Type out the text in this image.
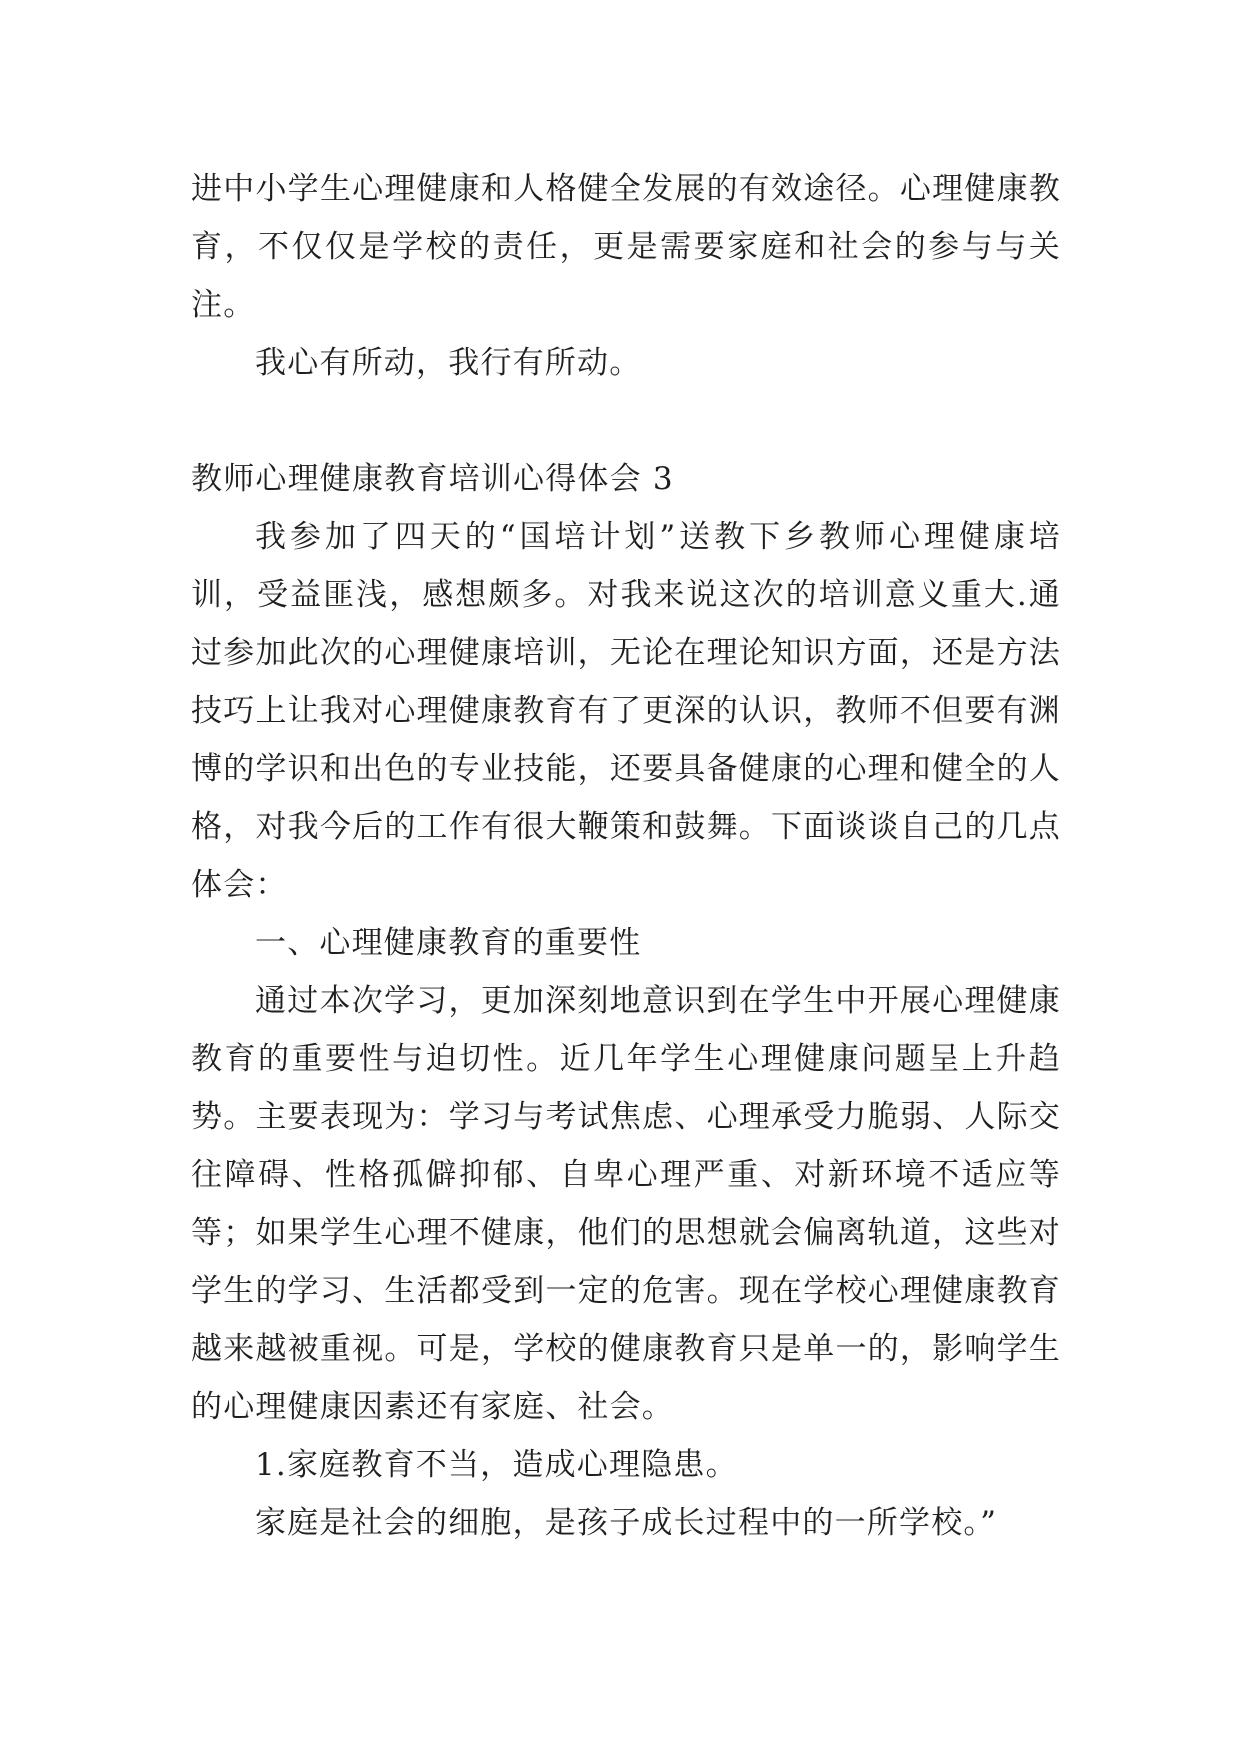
进中小学生心理健康和人格健全发展的有效途径。心理健康教育，不仅仅是学校的责任，更是需要家庭和社会的参与与关注。

我心有所动，我行有所动。

教师心理健康教育培训心得体会 3

我参加了四天的“国培计划”送教下乡教师心理健康培训，受益匪浅，感想颇多。对我来说这次的培训意义重大.通过参加此次的心理健康培训，无论在理论知识方面，还是方法技巧上让我对心理健康教育有了更深的认识，教师不但要有渊博的学识和出色的专业技能，还要具备健康的心理和健全的人格，对我今后的工作有很大鞭策和鼓舞。下面谈谈自己的几点体会：

一、心理健康教育的重要性

通过本次学习，更加深刻地意识到在学生中开展心理健康教育的重要性与迫切性。近几年学生心理健康问题呈上升趋势。主要表现为：学习与考试焦虑、心理承受力脆弱、人际交往障碍、性格孤僻抑郁、自卑心理严重、对新环境不适应等等；如果学生心理不健康，他们的思想就会偏离轨道，这些对学生的学习、生活都受到一定的危害。现在学校心理健康教育越来越被重视。可是，学校的健康教育只是单一的，影响学生的心理健康因素还有家庭、社会。

1.家庭教育不当，造成心理隐患。

家庭是社会的细胞，是孩子成长过程中的一所学校。”
